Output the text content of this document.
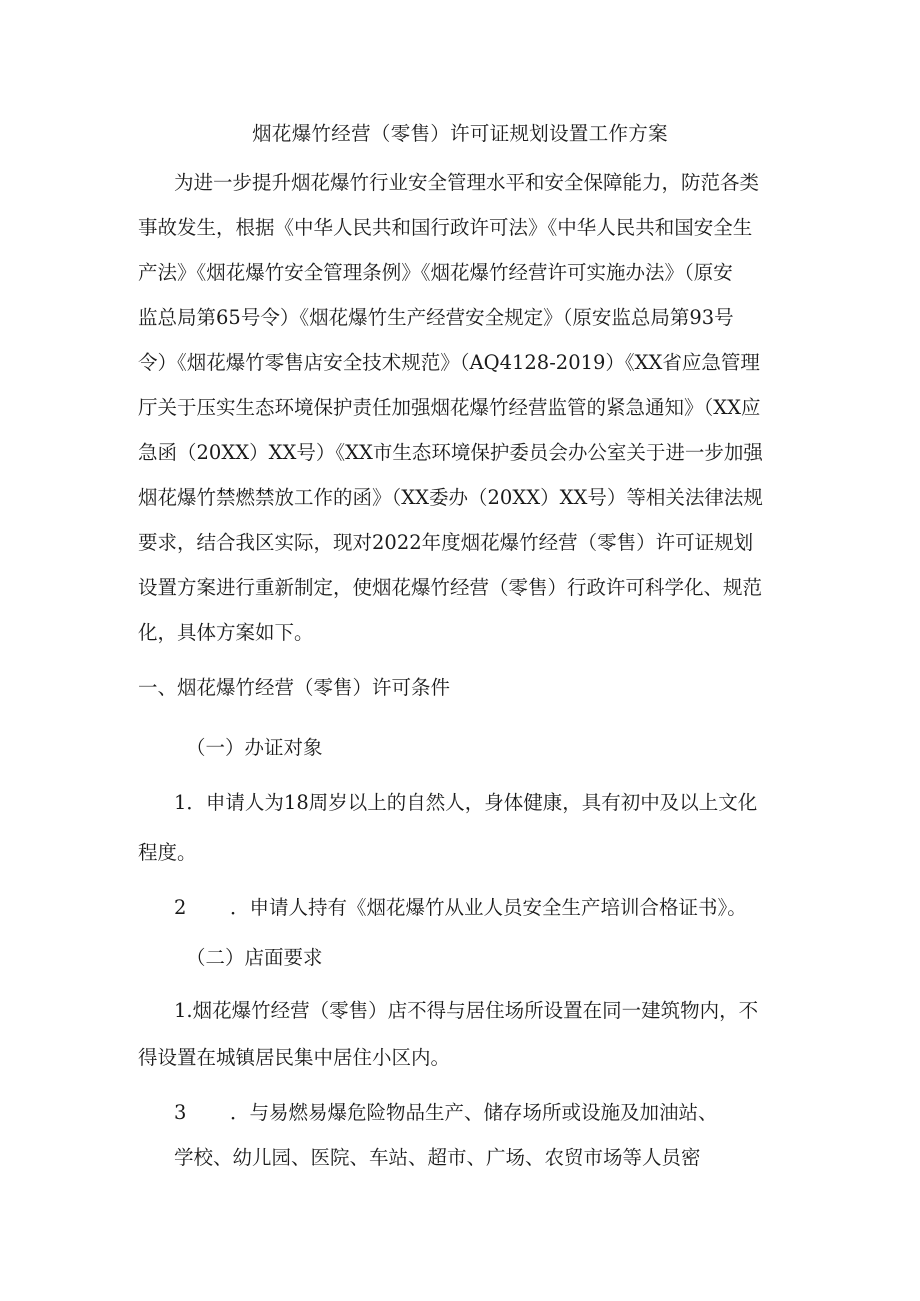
烟花爆竹经营（零售）许可证规划设置工作方案
为进一步提升烟花爆竹行业安全管理水平和安全保障能力，防范各类
事故发生，根据《中华人民共和国行政许可法》《中华人民共和国安全生
产法》《烟花爆竹安全管理条例》《烟花爆竹经营许可实施办法》（原安
监总局第65号令）《烟花爆竹生产经营安全规定》（原安监总局第93号
令）《烟花爆竹零售店安全技术规范》（AQ4128-2019）《XX省应急管理
厅关于压实生态环境保护责任加强烟花爆竹经营监管的紧急通知》（XX应
急函（20XX）XX号）《XX市生态环境保护委员会办公室关于进一步加强
烟花爆竹禁燃禁放工作的函》（XX委办（20XX）XX号）等相关法律法规
要求，结合我区实际，现对2022年度烟花爆竹经营（零售）许可证规划
设置方案进行重新制定，使烟花爆竹经营（零售）行政许可科学化、规范
化，具体方案如下。
一、烟花爆竹经营（零售）许可条件
（一）办证对象
1．申请人为18周岁以上的自然人，身体健康，具有初中及以上文化
程度。
2 ．申请人持有《烟花爆竹从业人员安全生产培训合格证书》。
（二）店面要求
1.烟花爆竹经营（零售）店不得与居住场所设置在同一建筑物内，不
得设置在城镇居民集中居住小区内。
3 ．与易燃易爆危险物品生产、储存场所或设施及加油站、
学校、幼儿园、医院、车站、超市、广场、农贸市场等人员密
